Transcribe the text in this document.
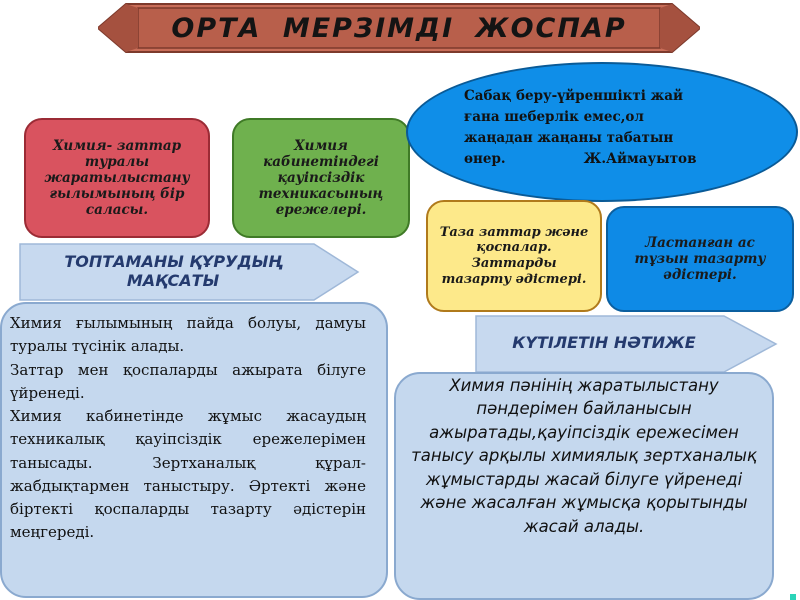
ОРТА МЕРЗІМДІ ЖОСПАР
Химия- заттар туралы жаратылыстану ғылымының бір саласы.
Химия кабинетіндегі қауіпсіздік техникасының ережелері.
Сабақ беру-үйреншікті жай
ғана шеберлік емес,ол
жаңадан жаңаны табатын
өнер.	Ж.Аймауытов
Таза заттар және қоспалар. Заттарды тазарту әдістері.
Ластанған ас тұзын тазарту әдістері.
ТОПТАМАНЫ ҚҰРУДЫҢ МАҚСАТЫ
КҮТІЛЕТІН НӘТИЖЕ

Химия ғылымының пайда болуы, дамуы туралы түсінік алады.

Заттар мен қоспаларды ажырата білуге үйренеді.

Химия кабинетінде жұмыс жасаудың техникалық қауіпсіздік ережелерімен танысады. Зертханалық құрал-жабдықтармен таныстыру. Әртекті және біртекті қоспаларды тазарту әдістерін меңгереді.

Химия пәнінің жаратылыстану пәндерімен байланысын ажыратады,қауіпсіздік ережесімен танысу арқылы химиялық зертханалық жұмыстарды жасай білуге үйренеді және жасалған жұмысқа қорытынды жасай алады.
